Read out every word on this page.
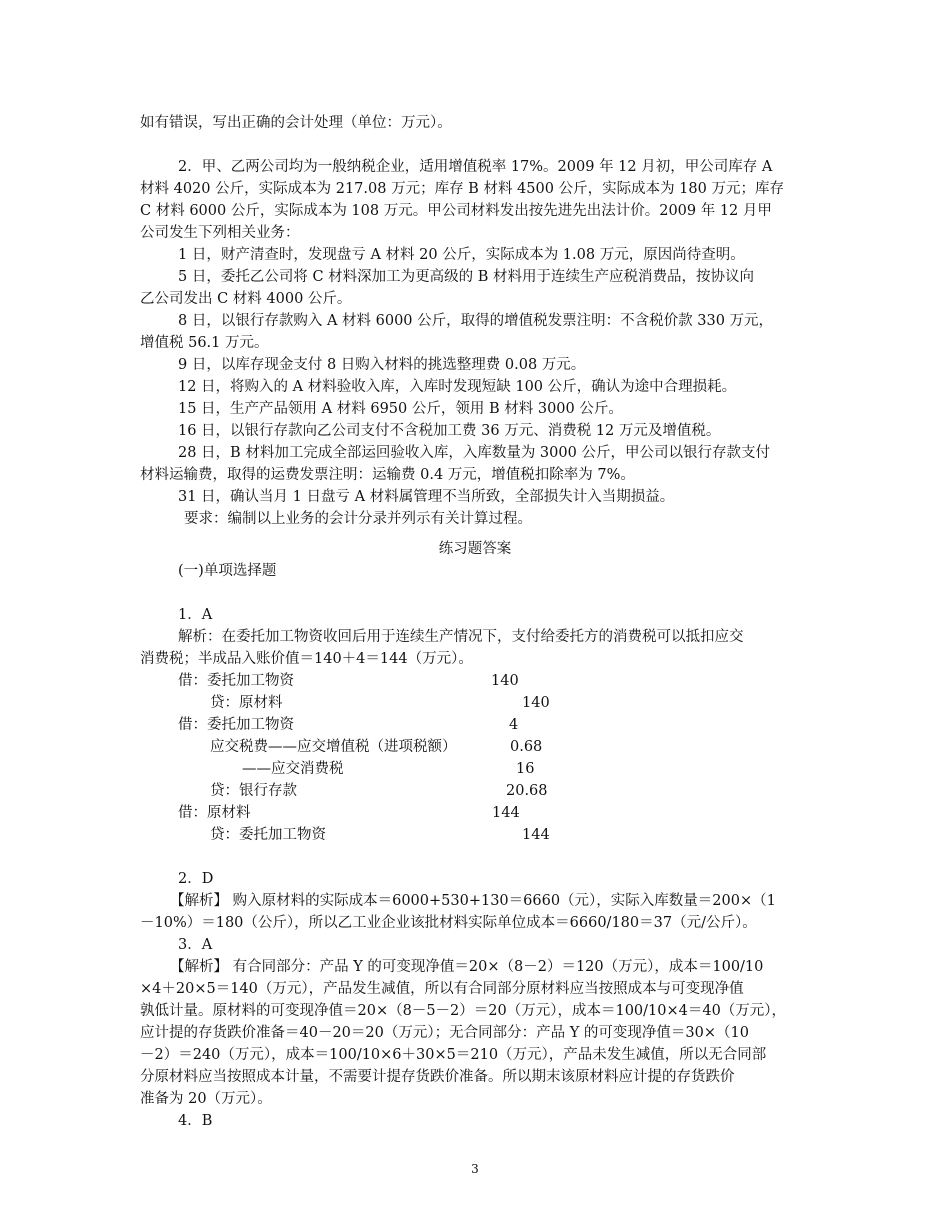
如有错误，写出正确的会计处理（单位：万元）。
2．甲、乙两公司均为一般纳税企业，适用增值税率 17%。2009 年 12 月初，甲公司库存 A
材料 4020 公斤，实际成本为 217.08 万元；库存 B 材料 4500 公斤，实际成本为 180 万元；库存
C 材料 6000 公斤，实际成本为 108 万元。甲公司材料发出按先进先出法计价。2009 年 12 月甲
公司发生下列相关业务：
1 日，财产清查时，发现盘亏 A 材料 20 公斤，实际成本为 1.08 万元，原因尚待查明。
5 日，委托乙公司将 C 材料深加工为更高级的 B 材料用于连续生产应税消费品，按协议向
乙公司发出 C 材料 4000 公斤。
8 日，以银行存款购入 A 材料 6000 公斤，取得的增值税发票注明：不含税价款 330 万元，
增值税 56.1 万元。
9 日，以库存现金支付 8 日购入材料的挑选整理费 0.08 万元。
12 日，将购入的 A 材料验收入库，入库时发现短缺 100 公斤，确认为途中合理损耗。
15 日，生产产品领用 A 材料 6950 公斤，领用 B 材料 3000 公斤。
16 日，以银行存款向乙公司支付不含税加工费 36 万元、消费税 12 万元及增值税。
28 日，B 材料加工完成全部运回验收入库，入库数量为 3000 公斤，甲公司以银行存款支付
材料运输费，取得的运费发票注明：运输费 0.4 万元，增值税扣除率为 7%。
31 日，确认当月 1 日盘亏 A 材料属管理不当所致，全部损失计入当期损益。
要求：编制以上业务的会计分录并列示有关计算过程。
练习题答案
(一)单项选择题
1．A
解析：在委托加工物资收回后用于连续生产情况下，支付给委托方的消费税可以抵扣应交
消费税；半成品入账价值＝140＋4＝144（万元）。
借：委托加工物资	140
贷：原材料	140
借：委托加工物资	4
应交税费——应交增值税（进项税额）	0.68
——应交消费税	16
贷：银行存款	20.68
借：原材料	144
贷：委托加工物资	144
2．D
【解析】 购入原材料的实际成本＝6000+530+130＝6660（元），实际入库数量＝200×（1
－10%）＝180（公斤），所以乙工业企业该批材料实际单位成本＝6660/180＝37（元/公斤）。
3．A
【解析】 有合同部分：产品 Y 的可变现净值＝20×（8－2）＝120（万元），成本＝100/10
×4＋20×5＝140（万元），产品发生减值，所以有合同部分原材料应当按照成本与可变现净值
孰低计量。原材料的可变现净值＝20×（8－5－2）＝20（万元），成本＝100/10×4＝40（万元），
应计提的存货跌价准备＝40－20＝20（万元）；无合同部分：产品 Y 的可变现净值＝30×（10
－2）＝240（万元），成本＝100/10×6＋30×5＝210（万元），产品未发生减值，所以无合同部
分原材料应当按照成本计量，不需要计提存货跌价准备。所以期末该原材料应计提的存货跌价
准备为 20（万元）。
4．B
3
